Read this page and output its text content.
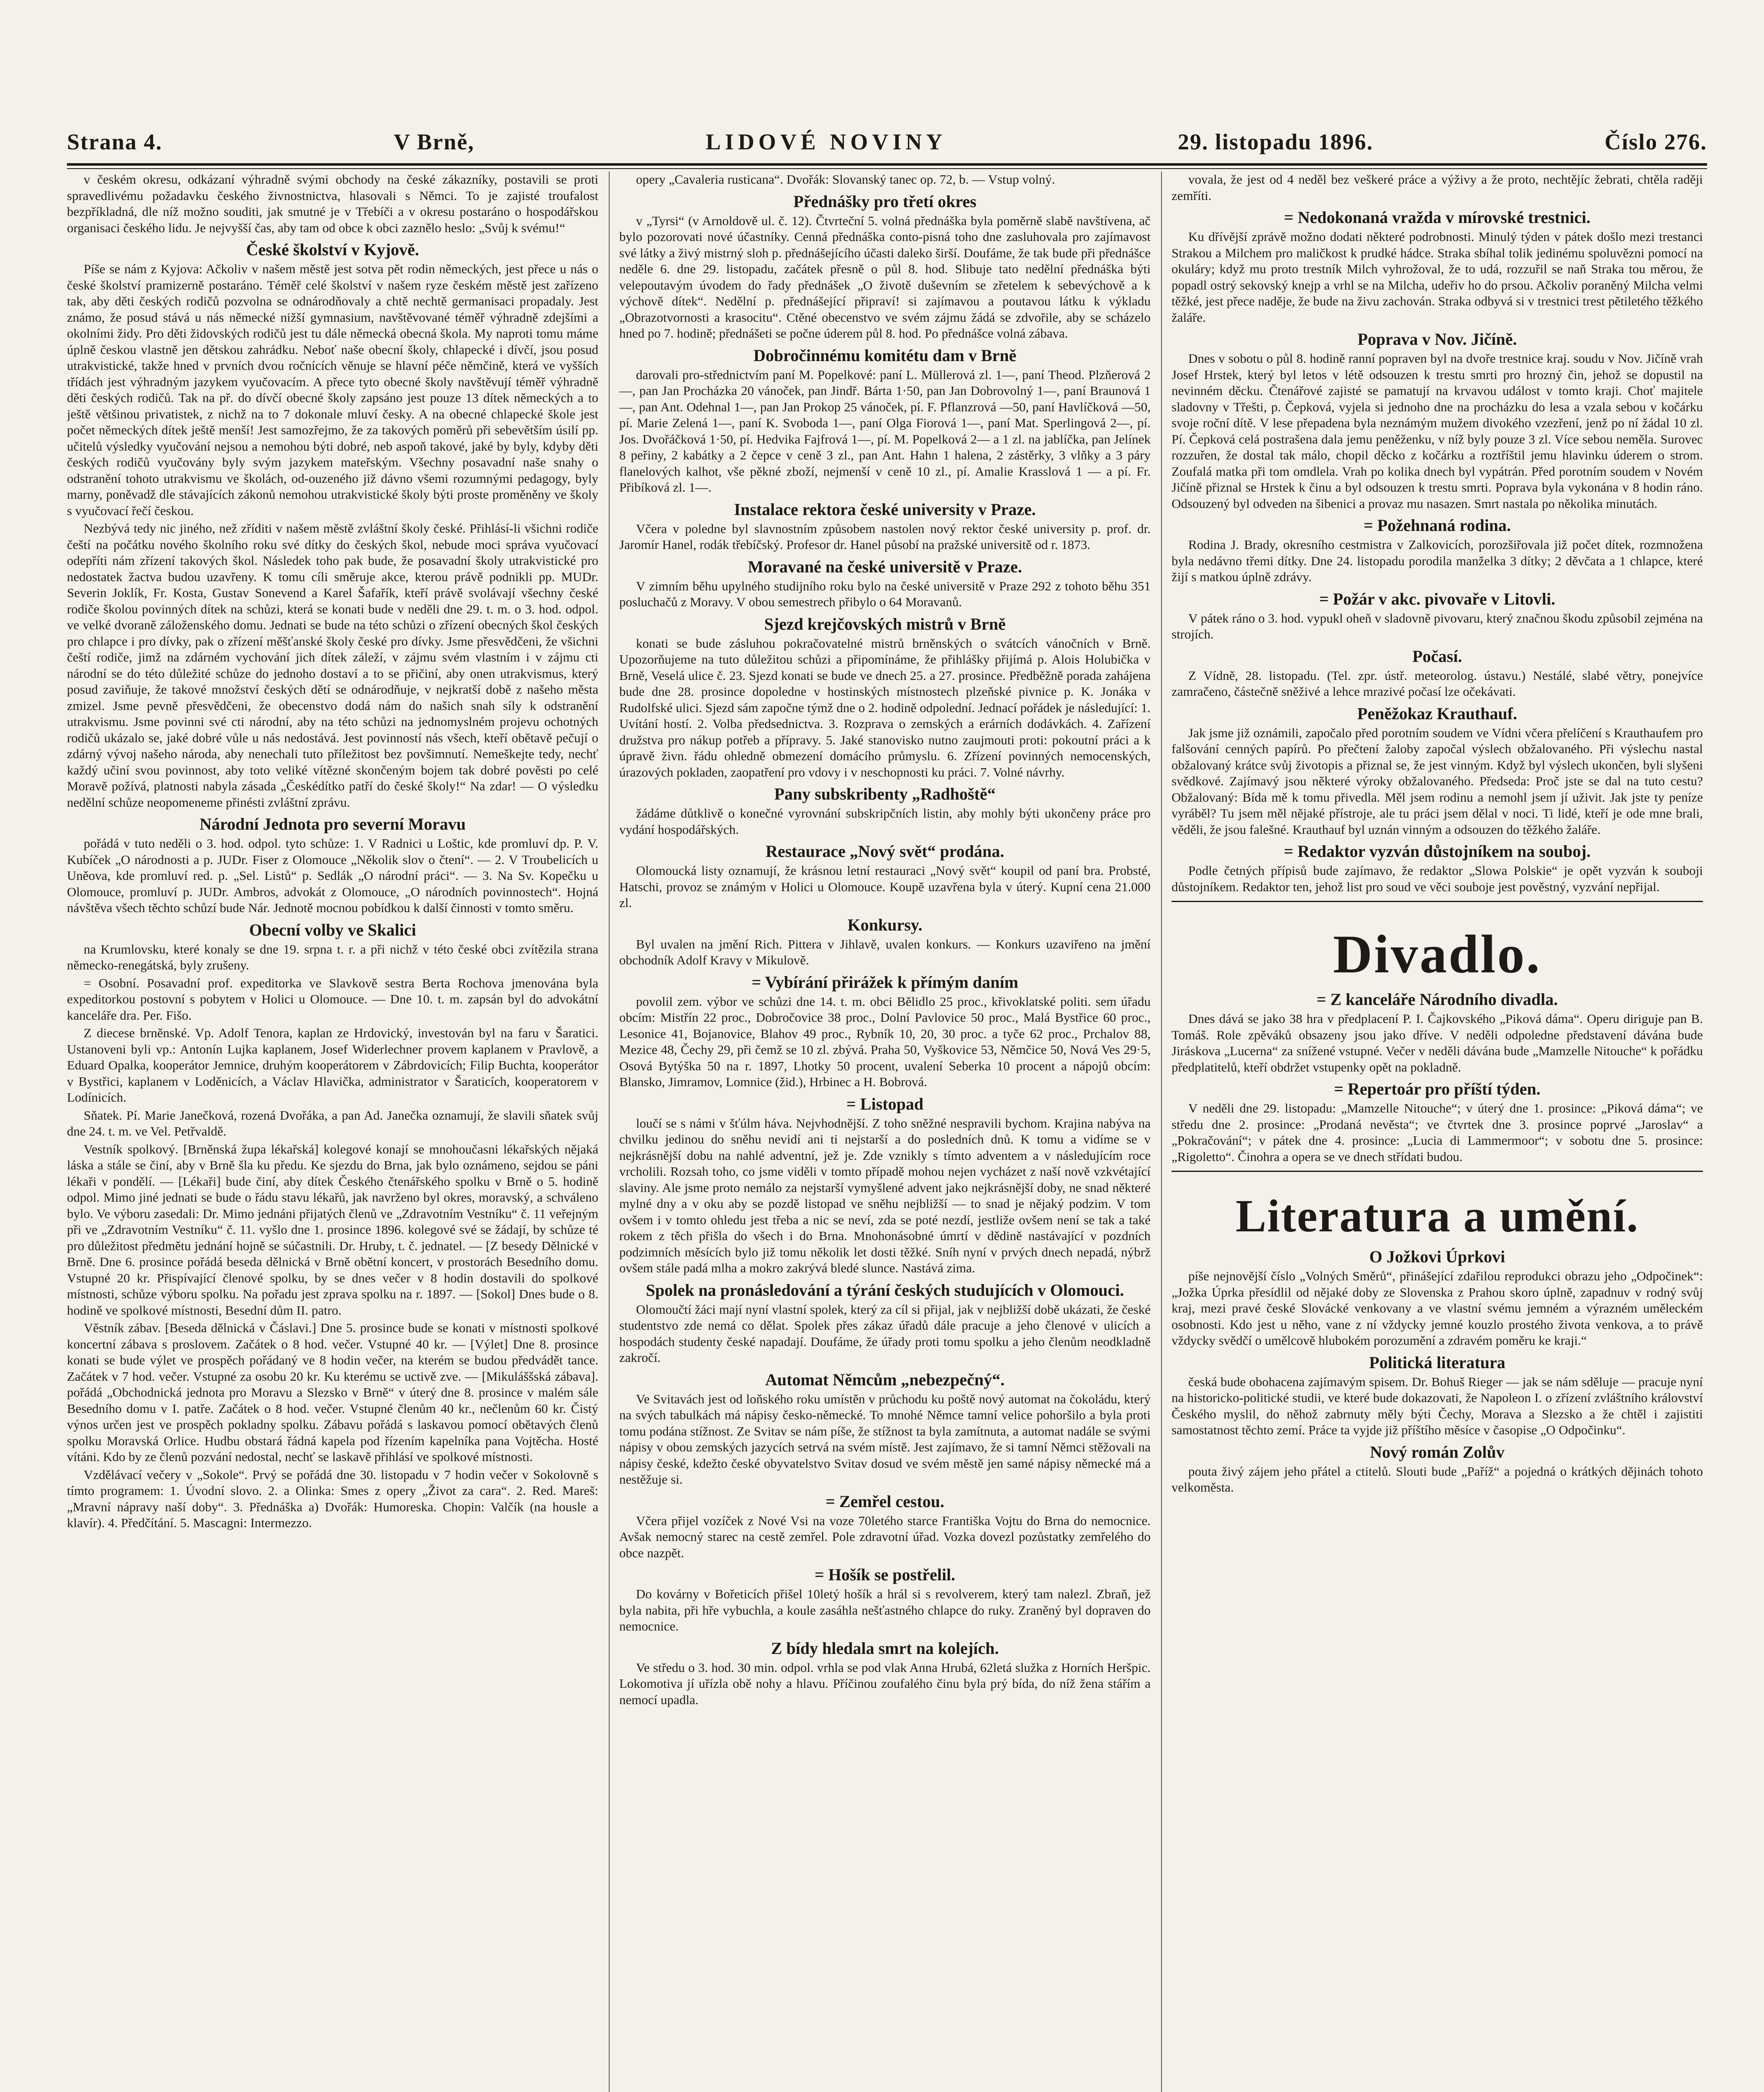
Strana 4.	V Brně,	LIDOVÉ NOVINY	29. listopadu 1896.	Číslo 276.

v českém okresu, odkázaní výhradně svými obchody na české zákazníky, postavili se proti spravedlivému požadavku českého živnostnictva, hlasovali s Němci. To je zajisté troufalost bezpříkladná, dle níž možno souditi, jak smutné je v Třebíči a v okresu postaráno o hospodářskou organisaci českého lidu. Je nejvyšší čas, aby tam od obce k obci zaznělo heslo: „Svůj k svému!“

České školství v Kyjově.

Píše se nám z Kyjova: Ačkoliv v našem městě jest sotva pět rodin německých, jest přece u nás o české školství pramizerně postaráno. Téměř celé školství v našem ryze českém městě jest zařízeno tak, aby děti českých rodičů pozvolna se odnárodňovaly a chtě nechtě germanisaci propadaly. Jest známo, že posud stává u nás německé nižší gymnasium, navštěvované téměř výhradně zdejšími a okolními židy. Pro děti židovských rodičů jest tu dále německá obecná škola. My naproti tomu máme úplně českou vlastně jen dětskou zahrádku. Neboť naše obecní školy, chlapecké i dívčí, jsou posud utrakvistické, takže hned v prvních dvou ročnících věnuje se hlavní péče němčině, která ve vyšších třídách jest výhradným jazykem vyučovacím. A přece tyto obecné školy navštěvují téměř výhradně děti českých rodičů. Tak na př. do dívčí obecné školy zapsáno jest pouze 13 dítek německých a to ještě většinou privatistek, z nichž na to 7 dokonale mluví česky. A na obecné chlapecké škole jest počet německých dítek ještě menší! Jest samozřejmo, že za takových poměrů při sebevětším úsilí pp. učitelů výsledky vyučování nejsou a nemohou býti dobré, neb aspoň takové, jaké by byly, kdyby děti českých rodičů vyučovány byly svým jazykem mateřským. Všechny posavadní naše snahy o odstranění tohoto utrakvismu ve školách, od-ouzeného již dávno všemi rozumnými pedagogy, byly marny, poněvadž dle stávajících zákonů nemohou utrakvistické školy býti proste proměněny ve školy s vyučovací řečí českou.

Nezbývá tedy nic jiného, než zříditi v našem městě zvláštní školy české. Přihlásí-li všichni rodiče čeští na počátku nového školního roku své dítky do českých škol, nebude moci správa vyučovací odepříti nám zřízení takových škol. Následek toho pak bude, že posavadní školy utrakvistické pro nedostatek žactva budou uzavřeny. K tomu cíli směruje akce, kterou právě podnikli pp. MUDr. Severin Joklík, Fr. Kosta, Gustav Sonevend a Karel Šafařík, kteří právě svolávají všechny české rodiče školou povinných dítek na schůzi, která se konati bude v neděli dne 29. t. m. o 3. hod. odpol. ve velké dvoraně záloženského domu. Jednati se bude na této schůzi o zřízení obecných škol českých pro chlapce i pro dívky, pak o zřízení měšťanské školy české pro dívky. Jsme přesvědčeni, že všichni čeští rodiče, jimž na zdárném vychování jich dítek záleží, v zájmu svém vlastním i v zájmu cti národní se do této důležité schůze do jednoho dostaví a to se přičiní, aby onen utrakvismus, který posud zaviňuje, že takové množství českých dětí se odnárodňuje, v nejkratší době z našeho města zmizel. Jsme pevně přesvědčeni, že obecenstvo dodá nám do našich snah síly k odstranění utrakvismu. Jsme povinni své cti národní, aby na této schůzi na jednomyslném projevu ochotných rodičů ukázalo se, jaké dobré vůle u nás nedostává. Jest povinností nás všech, kteří obětavě pečují o zdárný vývoj našeho národa, aby nenechali tuto příležitost bez povšimnutí. Nemeškejte tedy, nechť každý učiní svou povinnost, aby toto veliké vítězné skončeným bojem tak dobré pověsti po celé Moravě požívá, platnosti nabyla zásada „Českédítko patří do české školy!“ Na zdar! — O výsledku nedělní schůze neopomeneme přinésti zvláštní zprávu.

Národní Jednota pro severní Moravu

pořádá v tuto neděli o 3. hod. odpol. tyto schůze: 1. V Radnici u Loštic, kde promluví dp. P. V. Kubíček „O národnosti a p. JUDr. Fiser z Olomouce „Několik slov o čtení“. — 2. V Troubelicích u Uněova, kde promluví red. p. „Sel. Listů“ p. Sedlák „O národní práci“. — 3. Na Sv. Kopečku u Olomouce, promluví p. JUDr. Ambros, advokát z Olomouce, „O národních povinnostech“. Hojná návštěva všech těchto schůzí bude Nár. Jednotě mocnou pobídkou k další činnosti v tomto směru.

Obecní volby ve Skalici

na Krumlovsku, které konaly se dne 19. srpna t. r. a při nichž v této české obci zvítězila strana německo-renegátská, byly zrušeny.

= Osobní. Posavadní prof. expeditorka ve Slavkově sestra Berta Rochova jmenována byla expeditorkou postovní s pobytem v Holici u Olomouce. — Dne 10. t. m. zapsán byl do advokátní kanceláře dra. Per. Fišo.

Z diecese brněnské. Vp. Adolf Tenora, kaplan ze Hrdovický, investován byl na faru v Šaratici. Ustanoveni byli vp.: Antonín Lujka kaplanem, Josef Widerlechner provem kaplanem v Pravlově, a Eduard Opalka, kooperátor Jemnice, druhým kooperátorem v Zábrdovicích; Filip Buchta, kooperátor v Bystřici, kaplanem v Loděnicích, a Václav Hlavička, administrator v Šaraticích, kooperatorem v Lodínicích.

Sňatek. Pí. Marie Janečková, rozená Dvořáka, a pan Ad. Janečka oznamují, že slavili sňatek svůj dne 24. t. m. ve Vel. Petřvaldě.

Vestník spolkový. [Brněnská župa lékařská] kolegové konají se mnohoučasni lékařských nějaká láska a stále se činí, aby v Brně šla ku předu. Ke sjezdu do Brna, jak bylo oznámeno, sejdou se páni lékaři v pondělí. — [Lékaři] bude činí, aby dítek Českého čtenářského spolku v Brně o 5. hodině odpol. Mimo jiné jednati se bude o řádu stavu lékařů, jak navrženo byl okres, moravský, a schváleno bylo. Ve výboru zasedali: Dr. Mimo jednáni přijatých členů ve „Zdravotním Vestníku“ č. 11 veřejným při ve „Zdravotním Vestníku“ č. 11. vyšlo dne 1. prosince 1896. kolegové své se žádají, by schůze té pro důležitost předmětu jednání hojně se súčastnili. Dr. Hruby, t. č. jednatel. — [Z besedy Dělnické v Brně. Dne 6. prosince pořádá beseda dělnická v Brně obětní koncert, v prostorách Besedního domu. Vstupné 20 kr. Přispívající členové spolku, by se dnes večer v 8 hodin dostavili do spolkové místnosti, schůze výboru spolku. Na pořadu jest zprava spolku na r. 1897. — [Sokol] Dnes bude o 8. hodině ve spolkové místnosti, Besední dům II. patro.

Věstník zábav. [Beseda dělnická v Čáslavi.] Dne 5. prosince bude se konati v místnosti spolkové koncertní zábava s proslovem. Začátek o 8 hod. večer. Vstupné 40 kr. — [Výlet] Dne 8. prosince konati se bude výlet ve prospěch pořádaný ve 8 hodin večer, na kterém se budou předvádět tance. Začátek v 7 hod. večer. Vstupné za osobu 20 kr. Ku kterému se uctivě zve. — [Mikuláššská zábava]. pořádá „Obchodnická jednota pro Moravu a Slezsko v Brně“ v úterý dne 8. prosince v malém sále Besedního domu v I. patře. Začátek o 8 hod. večer. Vstupné členům 40 kr., nečlenům 60 kr. Čistý výnos určen jest ve prospěch pokladny spolku. Zábavu pořádá s laskavou pomocí obětavých členů spolku Moravská Orlice. Hudbu obstará řádná kapela pod řízením kapelníka pana Vojtěcha. Hosté vítáni. Kdo by ze členů pozvání nedostal, nechť se laskavě přihlásí ve spolkové místnosti.

Vzdělávací večery v „Sokole“. Prvý se pořádá dne 30. listopadu v 7 hodin večer v Sokolovně s tímto programem: 1. Úvodní slovo. 2. a Olinka: Smes z opery „Život za cara“. 2. Red. Mareš: „Mravní nápravy naší doby“. 3. Přednáška a) Dvořák: Humoreska. Chopin: Valčík (na housle a klavír). 4. Předčítání. 5. Mascagni: Intermezzo.

opery „Cavaleria rusticana“. Dvořák: Slovanský tanec op. 72, b. — Vstup volný.

Přednášky pro třetí okres

v „Tyrsi“ (v Arnoldově ul. č. 12). Čtvrteční 5. volná přednáška byla poměrně slabě navštívena, ač bylo pozorovati nové účastníky. Cenná přednáška conto-pisná toho dne zasluhovala pro zajímavost své látky a živý mistrný sloh p. přednášejícího účasti daleko širší. Doufáme, že tak bude při přednášce neděle 6. dne 29. listopadu, začátek přesně o půl 8. hod. Slibuje tato nedělní přednáška býti velepoutavým úvodem do řady přednášek „O životě duševním se zřetelem k sebevýchově a k výchově dítek“. Nedělní p. přednášející připraví! si zajímavou a poutavou látku k výkladu „Obrazotvornosti a krasocitu“. Ctěné obecenstvo ve svém zájmu žádá se zdvořile, aby se scházelo hned po 7. hodině; přednášeti se počne úderem půl 8. hod. Po přednášce volná zábava.

Dobročinnému komitétu dam v Brně

darovali pro-střednictvím paní M. Popelkové: paní L. Müllerová zl. 1—, paní Theod. Plzňerová 2—, pan Jan Procházka 20 vánoček, pan Jindř. Bárta 1·50, pan Jan Dobrovolný 1—, paní Braunová 1—, pan Ant. Odehnal 1—, pan Jan Prokop 25 vánoček, pí. F. Pflanzrová —50, paní Havlíčková —50, pí. Marie Zelená 1—, paní K. Svoboda 1—, paní Olga Fiorová 1—, paní Mat. Sperlingová 2—, pí. Jos. Dvořáčková 1·50, pí. Hedvika Fajfrová 1—, pí. M. Popelková 2— a 1 zl. na jablíčka, pan Jelínek 8 peřiny, 2 kabátky a 2 čepce v ceně 3 zl., pan Ant. Hahn 1 halena, 2 zástěrky, 3 vlňky a 3 páry flanelových kalhot, vše pěkné zboží, nejmenší v ceně 10 zl., pí. Amalie Krasslová 1 — a pí. Fr. Přibíková zl. 1—.

Instalace rektora české university v Praze.

Včera v poledne byl slavnostním způsobem nastolen nový rektor české university p. prof. dr. Jaromír Hanel, rodák třebíčský. Profesor dr. Hanel působí na pražské universitě od r. 1873.

Moravané na české universitě v Praze.

V zimním běhu upylného studijního roku bylo na české universitě v Praze 292 z tohoto běhu 351 posluchačů z Moravy. V obou semestrech přibylo o 64 Moravanů.

Sjezd krejčovských mistrů v Brně

konati se bude zásluhou pokračovatelné mistrů brněnských o svátcích vánočních v Brně. Upozorňujeme na tuto důležitou schůzi a připomínáme, že přihlášky přijímá p. Alois Holubička v Brně, Veselá ulice č. 23. Sjezd konati se bude ve dnech 25. a 27. prosince. Předběžně porada zahájena bude dne 28. prosince dopoledne v hostinských místnostech plzeňské pivnice p. K. Jonáka v Rudolfské ulici. Sjezd sám započne týmž dne o 2. hodině odpolední. Jednací pořádek je následující: 1. Uvítání hostí. 2. Volba předsednictva. 3. Rozprava o zemských a erárních dodávkách. 4. Zaří‌zení družstva pro nákup potřeb a přípravy. 5. Jaké stanovisko nutno zaujmouti proti: pokoutní práci a k úpravě živn. řádu ohledně obmezení domácího průmyslu. 6. Zřízení povinných nemocenských, úrazových pokladen, zaopatření pro vdovy i v neschopnosti ku práci. 7. Volné návrhy.

Pany subskribenty „Radhoště“

žádáme důtklivě o konečné vyrovnání subskripčních listin, aby mohly býti ukončeny práce pro vydání hospodářských.

Restaurace „Nový svět“ prodána.

Olomoucká listy oznamují, že krásnou letní restauraci „Nový svět“ koupil od paní bra. Probsté, Hatschi, provoz se známým v Holici u Olomouce. Koupě uzavřena byla v úterý. Kupní cena 21.000 zl.

Konkursy.

Byl uvalen na jmění Rich. Pittera v Jihlavě, uvalen konkurs. — Konkurs uzaviřeno na jmění obchodník Adolf Kravy v Mikulově.

= Vybírání přirážek k přímým daním

povolil zem. výbor ve schůzi dne 14. t. m. obci Bělidlo 25 proc., křivoklatské politi. sem úřadu obcím: Mistřín 22 proc., Dobročovice 38 proc., Dolní Pavlovice 50 proc., Malá Bystřice 60 proc., Lesonice 41, Bojanovice, Blahov 49 proc., Rybník 10, 20, 30 proc. a tyče 62 proc., Prchalov 88, Mezice 48, Čechy 29, při čemž se 10 zl. zbývá. Praha 50, Vyškovice 53, Němčice 50, Nová Ves 29·5, Osová Bytýška 50 na r. 1897, Lhotky 50 procent, uvalení Seberka 10 procent a nápojů obcím: Blansko, Jimramov, Lomnice (žid.), Hrbinec a H. Bobrová.

= Listopad

loučí se s námi v šťúlm háva. Nejvhodnější. Z toho sněžné nespravili bychom. Krajina nabýva na chvilku jedinou do sněhu nevidí ani ti nejstarší a do posledních dnů. K tomu a vidíme se v nejkrásnější dobu na nahlé adventní, jež je. Zde vznikly s tímto adventem a v následujícím roce vrcholili. Rozsah toho, co jsme viděli v tomto případě mohou nejen vycházet z naší nově vzkvétající slaviny. Ale jsme proto nemálo za nejstarší vymyšlené advent jako nejkrásnější doby, ne snad některé mylné dny a v oku aby se pozdě listopad ve sněhu nejbližší — to snad je nějaký podzim. V tom ovšem i v tomto ohledu jest třeba a nic se neví, zda se poté nezdí, jestliže ovšem není se tak a také rokem z těch přišla do všech i do Brna. Mnohonásobné úmrtí v dědině nastávající v pozdních podzimních měsících bylo již tomu několik let dosti těžké. Sníh nyní v prvých dnech nepadá, nýbrž ovšem stále padá mlha a mokro zakrývá bledé slunce. Nastává zima.

Spolek na pronásledování a týrání českých studujících v Olomouci.

Olomoučtí žáci mají nyní vlastní spolek, který za cíl si přijal, jak v nejbližší době ukázati, že české studentstvo zde nemá co dělat. Spolek přes zákaz úřadů dále pracuje a jeho členové v ulicích a hospodách studenty české napadají. Doufáme, že úřady proti tomu spolku a jeho členům neodkladně zakročí.

Automat Němcům „nebezpečný“.

Ve Svitavách jest od loňského roku umístěn v průchodu ku poště nový automat na čokoládu, který na svých tabulkách má nápisy česko-německé. To mnohé Němce tamní velice pohoršilo a byla proti tomu podána stížnost. Ze Svitav se nám píše, že stížnost ta byla zamítnuta, a automat nadále se svými nápisy v obou zemských jazycích setrvá na svém místě. Jest zajímavo, že si tamní Němci stěžovali na nápisy české, kdežto české obyvatelstvo Svitav dosud ve svém městě jen samé nápisy německé má a nestěžuje si.

= Zemřel cestou.

Včera přijel vozíček z Nové Vsi na voze 70letého starce Františka Vojtu do Brna do nemocnice. Avšak nemocný starec na cestě zemřel. Pole zdravotní úřad. Vozka dovezl pozůstatky zemřelého do obce nazpět.

= Hošík se postřelil.

Do kovárny v Bořeticích přišel 10letý hošík a hrál si s revolverem, který tam nalezl. Zbraň, jež byla nabita, při hře vybuchla, a koule zasáhla nešťastného chlapce do ruky. Zraněný byl dopraven do nemocnice.

Z bídy hledala smrt na kolejích.

Ve středu o 3. hod. 30 min. odpol. vrhla se pod vlak Anna Hrubá, 62letá služka z Horních Heršpic. Lokomotiva jí uřízla obě nohy a hlavu. Příčinou zoufalého činu byla prý bída, do níž žena stářím a nemocí upadla.

vovala, že jest od 4 neděl bez veškeré práce a výživy a že proto, nechtějíc žebrati, chtěla raději zemříti.

= Nedokonaná vražda v mírovské trestnici.

Ku dřívější zprávě možno dodati některé podrobnosti. Minulý týden v pátek došlo mezi trestanci Strakou a Milchem pro maličkost k prudké hádce. Straka sbíhal tolik jedinému spoluvězni pomocí na okuláry; když mu proto trestník Milch vyhrožoval, že to udá, rozzuřil se naň Straka tou měrou, že popadl ostrý sekovský knejp a vrhl se na Milcha, udeřiv ho do prsou. Ačkoliv poraněný Milcha velmi těžké, jest přece naděje, že bude na živu zachován. Straka odbyvá si v trestnici trest pětiletého těžkého žaláře.

Poprava v Nov. Jičíně.

Dnes v sobotu o půl 8. hodině ranní popraven byl na dvoře trestnice kraj. soudu v Nov. Jičíně vrah Josef Hrstek, který byl letos v létě odsouzen k trestu smrti pro hrozný čin, jehož se dopustil na nevinném děcku. Čtenářové zajisté se pamatují na krvavou událost v tomto kraji. Choť majitele sladovny v Třešti, p. Čepková, vyjela si jednoho dne na procházku do lesa a vzala sebou v kočárku svoje roční dítě. V lese přepadena byla neznámým mužem divokého vzezření, jenž po ní žádal 10 zl. Pí. Čepková celá postrašena dala jemu peněženku, v níž byly pouze 3 zl. Více sebou neměla. Surovec rozzuřen, že dostal tak málo, chopil děcko z kočárku a roztříštil jemu hlavinku úderem o strom. Zoufalá matka při tom omdlela. Vrah po kolika dnech byl vypátrán. Před porotním soudem v Novém Jičíně přiznal se Hrstek k činu a byl odsouzen k trestu smrti. Poprava byla vykonána v 8 hodin ráno. Odsouzený byl odveden na šibenici a provaz mu nasazen. Smrt nastala po několika minutách.

= Požehnaná rodina.

Rodina J. Brady, okresního cestmistra v Zalkovicích, porozšiřovala již počet dítek, rozmnožena byla nedávno třemi dítky. Dne 24. listopadu porodila manželka 3 dítky; 2 děvčata a 1 chlapce, které žijí s matkou úplně zdrávy.

= Požár v akc. pivovaře v Litovli.

V pátek ráno o 3. hod. vypukl oheň v sladovně pivovaru, který značnou škodu způsobil zejména na strojích.

Počasí.

Z Vídně, 28. listopadu. (Tel. zpr. ústř. meteorolog. ústavu.) Nestálé, slabé větry, ponejvíce zamračeno, částečně sněživé a lehce mrazivé počasí lze očekávati.

Peněžokaz Krauthauf.

Jak jsme již oznámili, započalo před porotním soudem ve Vídni včera přelíčení s Krauthaufem pro falšování cenných papírů. Po přečtení žaloby započal výslech obžalovaného. Při výslechu nastal obžalovaný krátce svůj životopis a přiznal se, že jest vinným. Když byl výslech ukončen, byli slyšeni svědkové. Zajímavý jsou některé výroky obžalovaného. Předseda: Proč jste se dal na tuto cestu? Obžalovaný: Bída mě k tomu přivedla. Měl jsem rodinu a nemohl jsem jí uživit. Jak jste ty peníze vyráběl? Tu jsem měl nějaké přístroje, ale tu práci jsem dělal v noci. Ti lidé, kteří je ode mne brali, věděli, že jsou falešné. Krauthauf byl uznán vinným a odsouzen do těžkého žaláře.

= Redaktor vyzván důstojníkem na souboj.

Podle četných přípisů bude zajímavo, že redaktor „Slowa Polskie“ je opět vyzván k souboji důstojníkem. Redaktor ten, jehož list pro soud ve věci souboje jest pověstný, vyzvání nepřijal.

Divadlo.
= Z kanceláře Národního divadla.

Dnes dává se jako 38 hra v předplacení P. I. Čajkovského „Piková dáma“. Operu diriguje pan B. Tomáš. Role zpěváků obsazeny jsou jako dříve. V neděli odpoledne představení dávána bude Jiráskova „Lucerna“ za snížené vstupné. Večer v neděli dávána bude „Mamzelle Nitouche“ k pořádku předplatitelů, kteří obdržet vstupenky opět na pokladně.

= Repertoár pro příští týden.

V neděli dne 29. listopadu: „Mamzelle Nitouche“; v úterý dne 1. prosince: „Piková dáma“; ve středu dne 2. prosince: „Prodaná nevěsta“; ve čtvrtek dne 3. prosince poprvé „Jaroslav“ a „Pokračování“; v pátek dne 4. prosince: „Lucia di Lammermoor“; v sobotu dne 5. prosince: „Rigoletto“. Činohra a opera se ve dnech střídati budou.

Literatura a umění.
O Jožkovi Úprkovi

píše nejnovější číslo „Volných Směrů“, přinášející zdařilou reprodukci obrazu jeho „Odpočinek“: „Jožka Úprka přesídlil od nějaké doby ze Slovenska z Prahou skoro úplně, zapadnuv v rodný svůj kraj, mezi pravé české Slovácké venkovany a ve vlastní svému jemném a výrazném uměleckém osobnosti. Kdo jest u něho, vane z ní vždycky jemné kouzlo prostého života venkova, a to právě vždycky svědčí o umělcově hlubokém porozumění a zdravém poměru ke kraji.“

Politická literatura

česká bude obohacena zajímavým spisem. Dr. Bohuš Rieger — jak se nám sděluje — pracuje nyní na historicko-politické studii, ve které bude dokazovati, že Napoleon I. o zřízení zvláštního království Českého myslil, do něhož zabrnuty měly býti Čechy, Morava a Slezsko a že chtěl i zajistiti samostatnost těchto zemí. Práce ta vyjde již příštího měsíce v časopise „O Odpočinku“.

Nový román Zolův

pouta živý zájem jeho přátel a ctitelů. Slouti bude „Paříž“ a pojedná o krátkých dějinách tohoto velkoměsta.
